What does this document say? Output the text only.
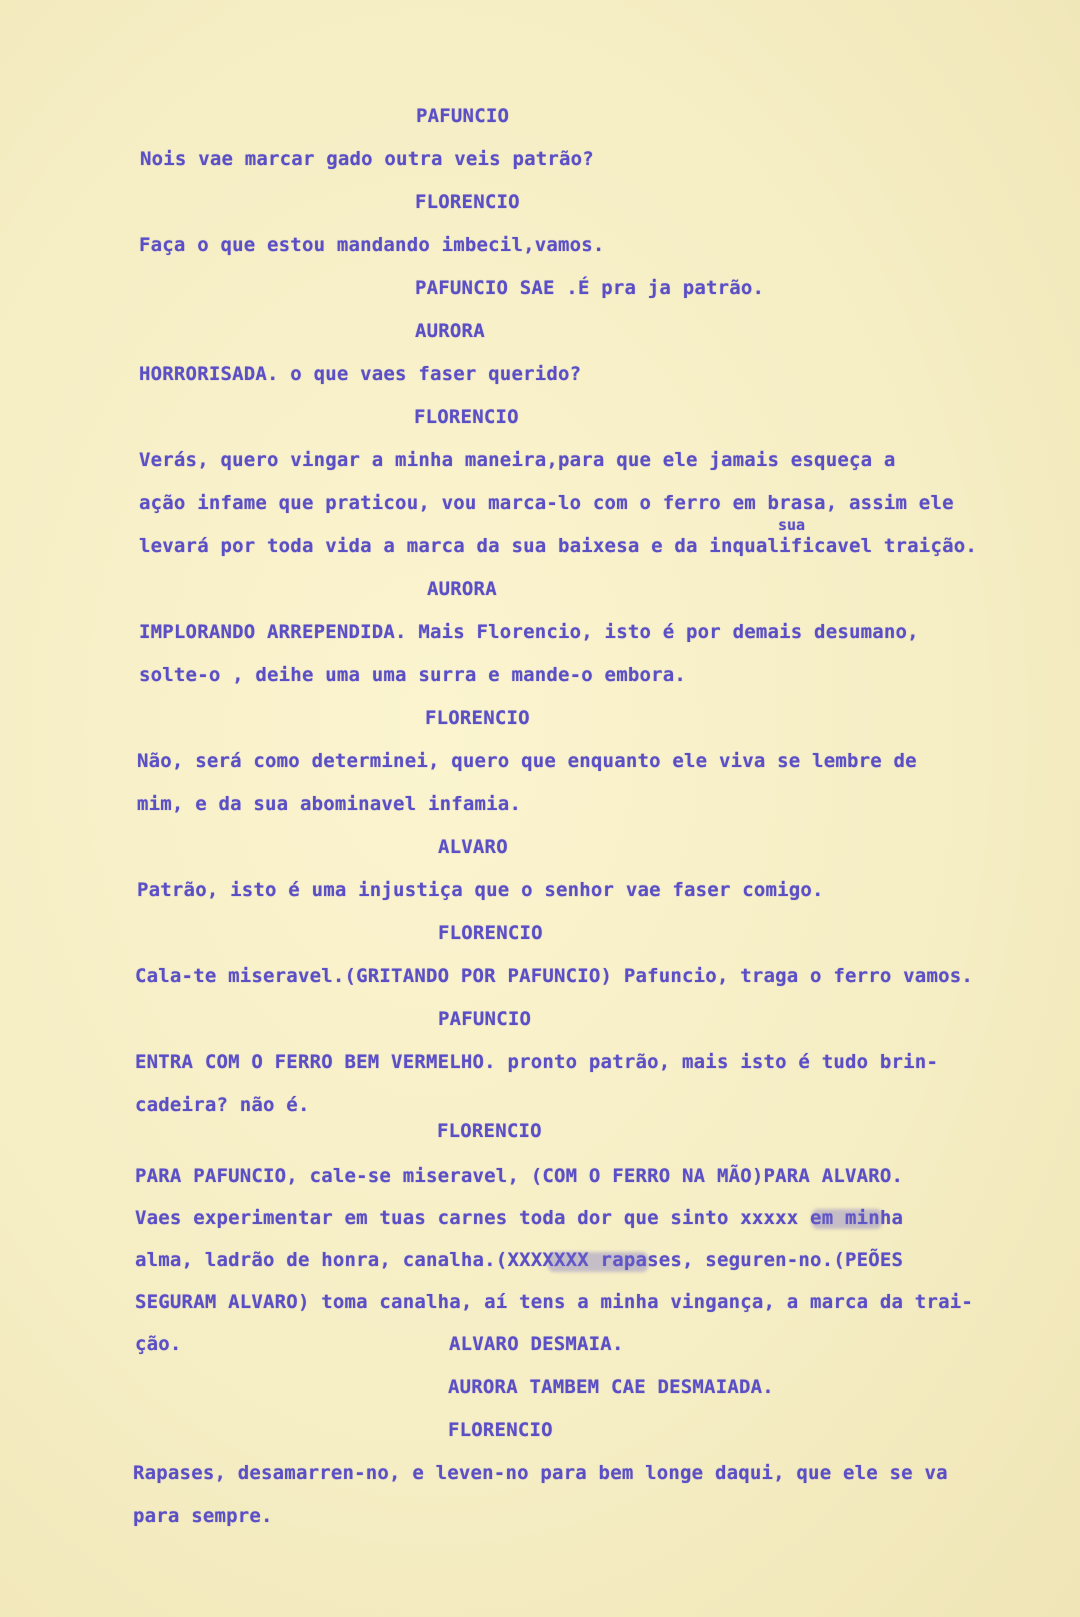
PAFUNCIO
Nois vae marcar gado outra veis patrão?
FLORENCIO
Faça o que estou mandando imbecil,vamos.
PAFUNCIO SAE .É pra ja patrão.
AURORA
HORRORISADA. o que vaes faser querido?
FLORENCIO
Verás, quero vingar a minha maneira,para que ele jamais esqueça a
ação infame que praticou, vou marca-lo com o ferro em brasa, assim ele
sua
levará por toda vida a marca da sua baixesa e da inqualificavel traição.
AURORA
IMPLORANDO ARREPENDIDA. Mais Florencio, isto é por demais desumano,
solte-o , deihe uma uma surra e mande-o embora.
FLORENCIO
Não, será como determinei, quero que enquanto ele viva se lembre de
mim, e da sua abominavel infamia.
ALVARO
Patrão, isto é uma injustiça que o senhor vae faser comigo.
FLORENCIO
Cala-te miseravel.(GRITANDO POR PAFUNCIO) Pafuncio, traga o ferro vamos.
PAFUNCIO
ENTRA COM O FERRO BEM VERMELHO. pronto patrão, mais isto é tudo brin-
cadeira? não é.
FLORENCIO
PARA PAFUNCIO, cale-se miseravel, (COM O FERRO NA MÃO)PARA ALVARO.
Vaes experimentar em tuas carnes toda dor que sinto xxxxx em minha
alma, ladrão de honra, canalha.(XXXXXXX rapases, seguren-no.(PEÕES
SEGURAM ALVARO) toma canalha, aí tens a minha vingança, a marca da trai-
ção.	ALVARO DESMAIA.
AURORA TAMBEM CAE DESMAIADA.
FLORENCIO
Rapases, desamarren-no, e leven-no para bem longe daqui, que ele se va
para sempre.
